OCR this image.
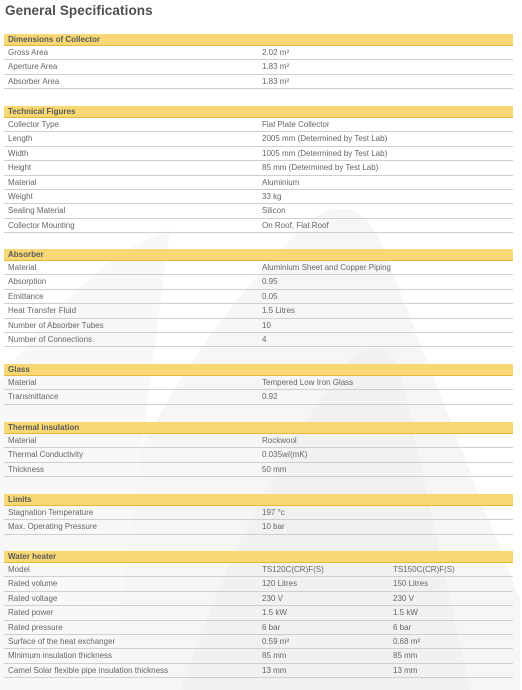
General Specifications
Dimensions of Collector
Gross Area	2.02 m²
Aperture Area	1.83 m²
Absorber Area	1.83 m²
Technical Figures
Collector Type	Flat Plate Collector
Length	2005 mm (Determined by Test Lab)
Width	1005 mm (Determined by Test Lab)
Height	85 mm (Determined by Test Lab)
Material	Aluminium
Weight	33 kg
Sealing Material	Silicon
Collector Mounting	On Roof, Flat Roof
Absorber
Material	Aluminium Sheet and Copper Piping
Absorption	0.95
Emittance	0.05
Heat Transfer Fluid	1.5 Litres
Number of Absorber Tubes	10
Number of Connections	4
Glass
Material	Tempered Low Iron Glass
Transmittance	0.92
Thermal insulation
Material	Rockwool
Thermal Conductivity	0.035w/(mK)
Thickness	50 mm
Limits
Stagnation Temperature	197 °c
Max. Operating Pressure	10 bar
Water heater
Model	TS120C(CR)F(S)	TS150C(CR)F(S)
Rated volume	120 Litres	150 Litres
Rated voltage	230 V	230 V
Rated power	1.5 kW	1.5 kW
Rated pressure	6 bar	6 bar
Surface of the heat exchanger	0.59 m²	0.68 m²
Minimum insulation thickness	85 mm	85 mm
Camel Solar flexible pipe insulation thickness	13 mm	13 mm
